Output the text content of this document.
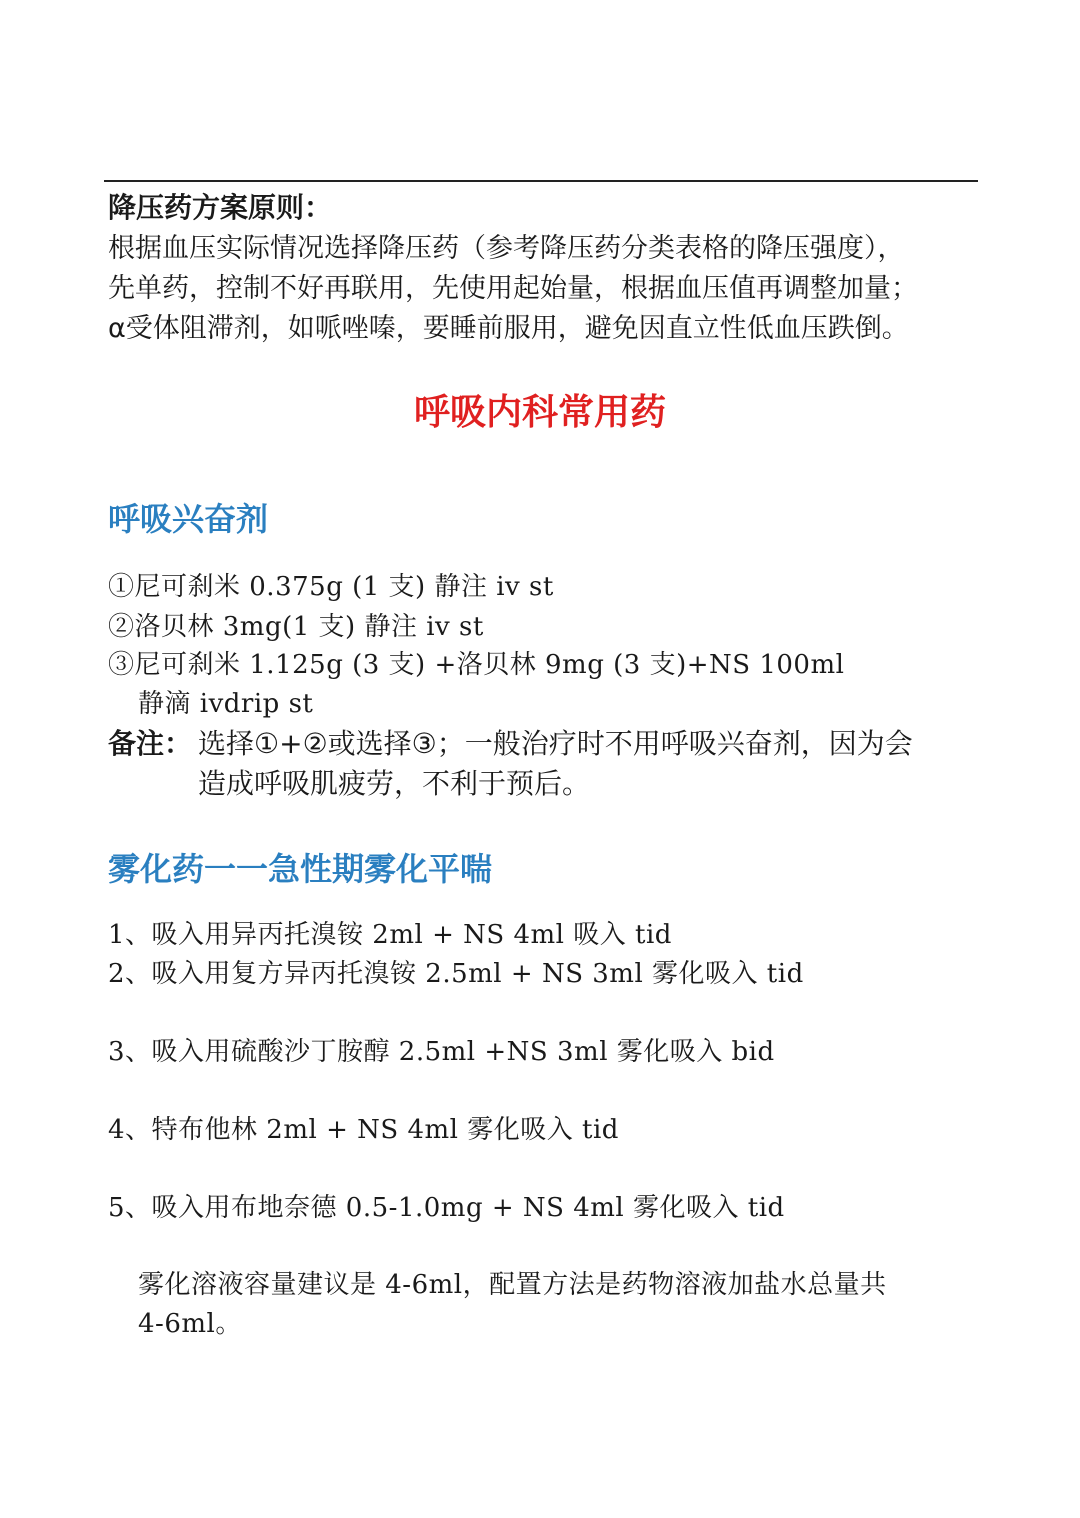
降压药方案原则：

根据血压实际情况选择降压药（参考降压药分类表格的降压强度），

先单药，控制不好再联用，先使用起始量，根据血压值再调整加量；

α受体阻滞剂，如哌唑嗪，要睡前服用，避免因直立性低血压跌倒。

呼吸内科常用药
呼吸兴奋剂

①尼可刹米 0.375g (1 支) 静注 iv st

②洛贝林 3mg(1 支) 静注 iv st

③尼可刹米 1.125g (3 支) +洛贝林 9mg (3 支)+NS 100ml

静滴 ivdrip st

备注： 选择①+②或选择③；一般治疗时不用呼吸兴奋剂，因为会

造成呼吸肌疲劳，不利于预后。

雾化药一一急性期雾化平喘

1、吸入用异丙托溴铵 2ml + NS 4ml 吸入 tid

2、吸入用复方异丙托溴铵 2.5ml + NS 3ml 雾化吸入 tid

3、吸入用硫酸沙丁胺醇 2.5ml +NS 3ml 雾化吸入 bid

4、特布他林 2ml + NS 4ml 雾化吸入 tid

5、吸入用布地奈德 0.5-1.0mg + NS 4ml 雾化吸入 tid

雾化溶液容量建议是 4-6ml，配置方法是药物溶液加盐水总量共

4-6ml。
